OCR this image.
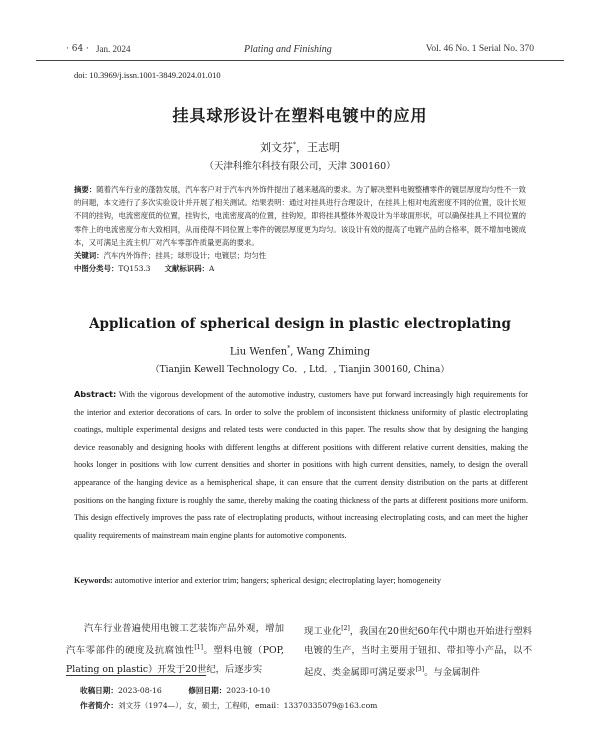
· 64 · Jan. 2024	Plating and Finishing	Vol. 46 No. 1 Serial No. 370
doi: 10.3969/j.issn.1001-3849.2024.01.010
挂具球形设计在塑料电镀中的应用
刘文芬*，王志明
（天津科维尔科技有限公司，天津 300160）
摘要：随着汽车行业的蓬勃发展，汽车客户对于汽车内外饰件提出了越来越高的要求。为了解决塑料电镀整槽零件的镀层厚度均匀性不一致的问题，本文进行了多次实验设计并开展了相关测试。结果表明：通过对挂具进行合理设计，在挂具上相对电流密度不同的位置，设计长短不同的挂钩，电流密度低的位置，挂钩长，电流密度高的位置，挂钩短，即将挂具整体外观设计为半球面形状，可以确保挂具上不同位置的零件上的电流密度分布大致相同，从而使得不同位置上零件的镀层厚度更为均匀。该设计有效的提高了电镀产品的合格率，既不增加电镀成本，又可满足主流主机厂对汽车零部件质量更高的要求。
关键词：汽车内外饰件；挂具；球形设计；电镀层；均匀性
中图分类号：TQ153.3 文献标识码：A
Application of spherical design in plastic electroplating
Liu Wenfen*, Wang Zhiming
（Tianjin Kewell Technology Co．, Ltd．, Tianjin 300160, China）
Abstract: With the vigorous development of the automotive industry, customers have put forward increasingly high requirements for the interior and exterior decorations of cars. In order to solve the problem of inconsistent thickness uniformity of plastic electroplating coatings, multiple experimental designs and related tests were conducted in this paper. The results show that by designing the hanging device reasonably and designing hooks with different lengths at different positions with different relative current densities, making the hooks longer in positions with low current densities and shorter in positions with high current densities, namely, to design the overall appearance of the hanging device as a hemispherical shape, it can ensure that the current density distribution on the parts at different positions on the hanging fixture is roughly the same, thereby making the coating thickness of the parts at different positions more uniform. This design effectively improves the pass rate of electroplating products, without increasing electroplating costs, and can meet the higher quality requirements of mainstream main engine plants for automotive components.
Keywords: automotive interior and exterior trim; hangers; spherical design; electroplating layer; homogeneity
汽车行业普遍使用电镀工艺装饰产品外观，增加汽车零部件的硬度及抗腐蚀性[1]。塑料电镀（POP, Plating on plastic）开发于20世纪，后逐步实
现工业化[2]，我国在20世纪60年代中期也开始进行塑料电镀的生产，当时主要用于钮扣、带扣等小产品，以不起皮、类金属即可满足要求[3]。与金属制件
收稿日期：2023-08-16	修回日期：2023-10-10
作者简介：刘文芬（1974—），女，硕士，工程师，email：13370335079@163.com
